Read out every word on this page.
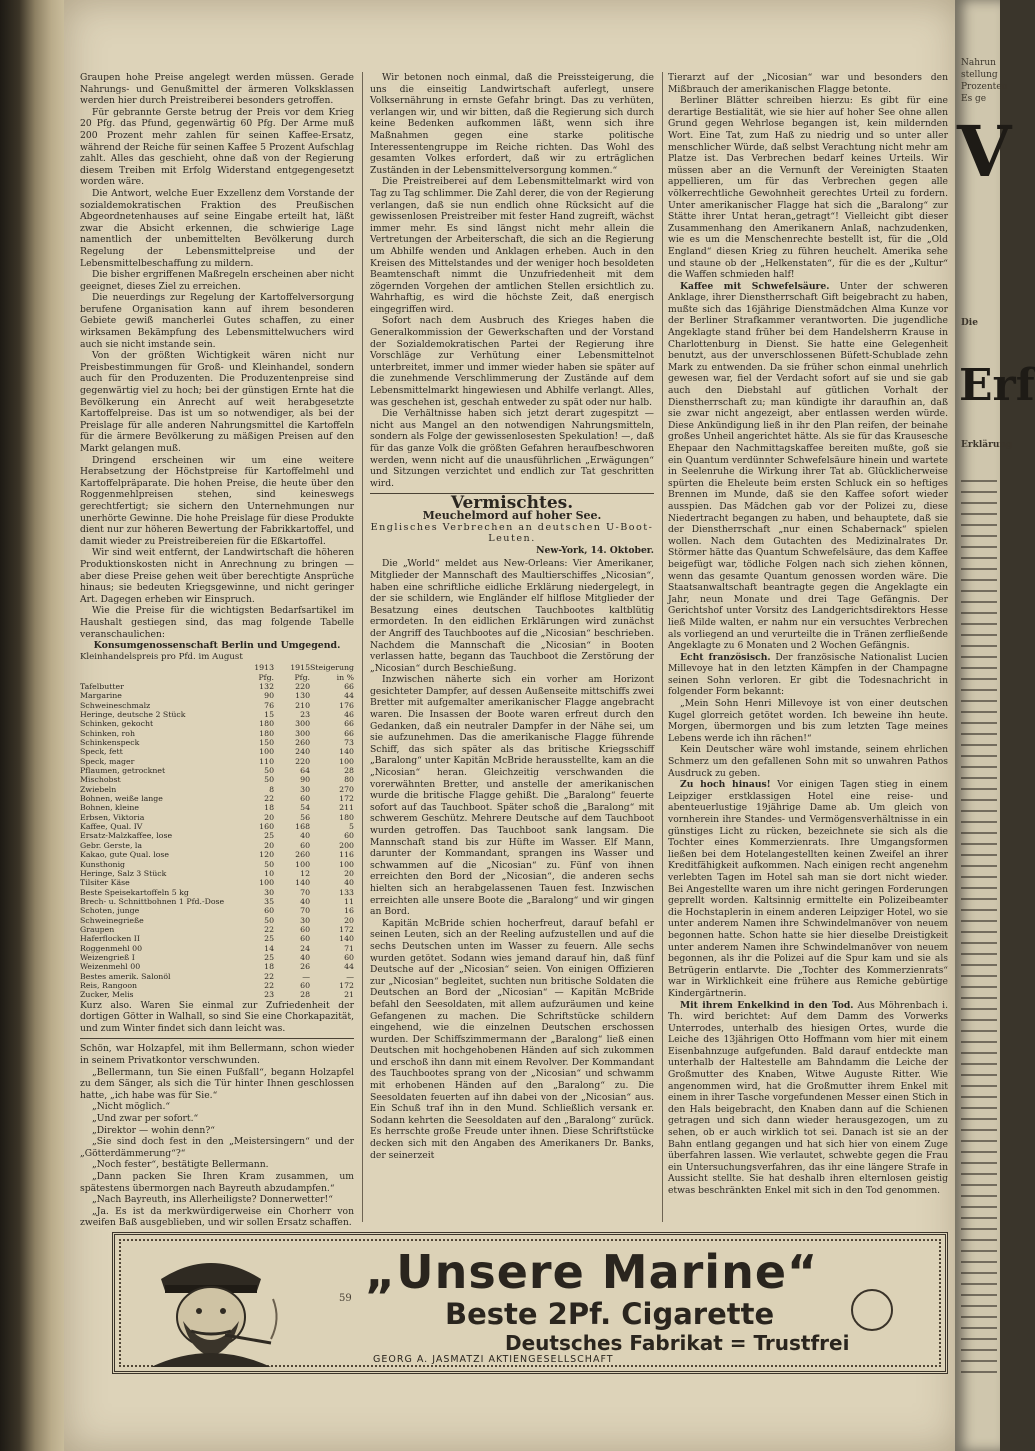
Graupen hohe Preise angelegt werden müssen. Gerade Nahrungs- und Genußmittel der ärmeren Volksklassen werden hier durch Preistreiberei besonders getroffen.

Für gebrannte Gerste betrug der Preis vor dem Krieg 20 Pfg. das Pfund, gegenwärtig 60 Pfg. Der Arme muß 200 Prozent mehr zahlen für seinen Kaffee-Ersatz, während der Reiche für seinen Kaffee 5 Prozent Aufschlag zahlt. Alles das geschieht, ohne daß von der Regierung diesem Treiben mit Erfolg Widerstand entgegengesetzt worden wäre.

Die Antwort, welche Euer Exzellenz dem Vorstande der sozialdemokratischen Fraktion des Preußischen Abgeordnetenhauses auf seine Eingabe erteilt hat, läßt zwar die Absicht erkennen, die schwierige Lage namentlich der unbemittelten Bevölkerung durch Regelung der Lebensmittelpreise und der Lebensmittelbeschaffung zu mildern.

Die bisher ergriffenen Maßregeln erscheinen aber nicht geeignet, dieses Ziel zu erreichen.

Die neuerdings zur Regelung der Kartoffelversorgung berufene Organisation kann auf ihrem besonderen Gebiete gewiß mancherlei Gutes schaffen, zu einer wirksamen Bekämpfung des Lebensmittelwuchers wird auch sie nicht imstande sein.

Von der größten Wichtigkeit wären nicht nur Preisbestimmungen für Groß- und Kleinhandel, sondern auch für den Produzenten. Die Produzentenpreise sind gegenwärtig viel zu hoch; bei der günstigen Ernte hat die Bevölkerung ein Anrecht auf weit herabgesetzte Kartoffelpreise. Das ist um so notwendiger, als bei der Preislage für alle anderen Nahrungsmittel die Kartoffeln für die ärmere Bevölkerung zu mäßigen Preisen auf den Markt gelangen muß.

Dringend erscheinen wir um eine weitere Herabsetzung der Höchstpreise für Kartoffelmehl und Kartoffelpräparate. Die hohen Preise, die heute über den Roggenmehlpreisen stehen, sind keineswegs gerechtfertigt; sie sichern den Unternehmungen nur unerhörte Gewinne. Die hohe Preislage für diese Produkte dient nur zur höheren Bewertung der Fabrikkartoffel, und damit wieder zu Preistreibereien für die Eßkartoffel.

Wir sind weit entfernt, der Landwirtschaft die höheren Produktionskosten nicht in Anrechnung zu bringen — aber diese Preise gehen weit über berechtigte Ansprüche hinaus; sie bedeuten Kriegsgewinne, und nicht geringer Art. Dagegen erheben wir Einspruch.

Wie die Preise für die wichtigsten Bedarfsartikel im Haushalt gestiegen sind, das mag folgende Tabelle veranschaulichen:

Konsumgenossenschaft Berlin und Umgegend.

Kleinhandelspreis pro Pfd. im August

	1913	1915	Steigerung
	Pfg.	Pfg.	in %
Tafelbutter	132	220	66
Margarine	90	130	44
Schweineschmalz	76	210	176
Heringe, deutsche 2 Stück	15	23	46
Schinken, gekocht	180	300	66
Schinken, roh	180	300	66
Schinkenspeck	150	260	73
Speck, fett	100	240	140
Speck, mager	110	220	100
Pflaumen, getrocknet	50	64	28
Mischobst	50	90	80
Zwiebeln	8	30	270
Bohnen, weiße lange	22	60	172
Bohnen, kleine	18	54	211
Erbsen, Viktoria	20	56	180
Kaffee, Qual. IV	160	168	5
Ersatz-Malzkaffee, lose	25	40	60
Gebr. Gerste, la	20	60	200
Kakao, gute Qual. lose	120	260	116
Kunsthonig	50	100	100
Heringe, Salz 3 Stück	10	12	20
Tilsiter Käse	100	140	40
Beste Speisekartoffeln 5 kg	30	70	133
Brech- u. Schnittbohnen 1 Pfd.-Dose	35	40	11
Schoten, junge	60	70	16
Schweinegrieße	50	30	20
Graupen	22	60	172
Haferflocken II	25	60	140
Roggenmehl 00	14	24	71
Weizengrieß I	25	40	60
Weizenmehl 00	18	26	44
Bestes amerik. Salonöl	22	—	—
Reis, Rangoon	22	60	172
Zucker, Melis	23	28	21

Kurz also. Waren Sie einmal zur Zufriedenheit der dortigen Götter in Walhall, so sind Sie eine Chorkapazität, und zum Winter findet sich dann leicht was.

Schön, war Holzapfel, mit ihm Bellermann, schon wieder in seinem Privatkontor verschwunden.

„Bellermann, tun Sie einen Fußfall“, begann Holzapfel zu dem Sänger, als sich die Tür hinter Ihnen geschlossen hatte, „ich habe was für Sie.“

„Nicht möglich.“

„Und zwar per sofort.“

„Direktor — wohin denn?“

„Sie sind doch fest in den „Meistersingern“ und der „Götterdämmerung“?“

„Noch fester“, bestätigte Bellermann.

„Dann packen Sie Ihren Kram zusammen, um spätestens übermorgen nach Bayreuth abzudampfen.“

„Nach Bayreuth, ins Allerheiligste? Donnerwetter!“

„Ja. Es ist da merkwürdigerweise ein Chorherr von zweifen Baß ausgeblieben, und wir sollen Ersatz schaffen.

Wir betonen noch einmal, daß die Preissteigerung, die uns die einseitig Landwirtschaft auferlegt, unsere Volksernährung in ernste Gefahr bringt. Das zu verhüten, verlangen wir, und wir bitten, daß die Regierung sich durch keine Bedenken aufkommen läßt, wenn sich ihre Maßnahmen gegen eine starke politische Interessentengruppe im Reiche richten. Das Wohl des gesamten Volkes erfordert, daß wir zu erträglichen Zuständen in der Lebensmittelversorgung kommen.“

Die Preistreiberei auf dem Lebensmittelmarkt wird von Tag zu Tag schlimmer. Die Zahl derer, die von der Regierung verlangen, daß sie nun endlich ohne Rücksicht auf die gewissenlosen Preistreiber mit fester Hand zugreift, wächst immer mehr. Es sind längst nicht mehr allein die Vertretungen der Arbeiterschaft, die sich an die Regierung um Abhilfe wenden und Anklagen erheben. Auch in den Kreisen des Mittelstandes und der weniger hoch besoldeten Beamtenschaft nimmt die Unzufriedenheit mit dem zögernden Vorgehen der amtlichen Stellen ersichtlich zu. Wahrhaftig, es wird die höchste Zeit, daß energisch eingegriffen wird.

Sofort nach dem Ausbruch des Krieges haben die Generalkommission der Gewerkschaften und der Vorstand der Sozialdemokratischen Partei der Regierung ihre Vorschläge zur Verhütung einer Lebensmittelnot unterbreitet, immer und immer wieder haben sie später auf die zunehmende Verschlimmerung der Zustände auf dem Lebensmittelmarkt hingewiesen und Abhilfe verlangt. Alles, was geschehen ist, geschah entweder zu spät oder nur halb.

Die Verhältnisse haben sich jetzt derart zugespitzt — nicht aus Mangel an den notwendigen Nahrungsmitteln, sondern als Folge der gewissenlosesten Spekulation! —, daß für das ganze Volk die größten Gefahren heraufbeschworen werden, wenn nicht auf die unausführlichen „Erwägungen“ und Sitzungen verzichtet und endlich zur Tat geschritten wird.

Vermischtes.

Meuchelmord auf hoher See.

Englisches Verbrechen an deutschen U-Boot-Leuten.

New-York, 14. Oktober.

Die „World“ meldet aus New-Orleans: Vier Amerikaner, Mitglieder der Mannschaft des Maultierschiffes „Nicosian“, haben eine schriftliche eidliche Erklärung niedergelegt, in der sie schildern, wie Engländer elf hilflose Mitglieder der Besatzung eines deutschen Tauchbootes kaltblütig ermordeten. In den eidlichen Erklärungen wird zunächst der Angriff des Tauchbootes auf die „Nicosian“ beschrieben. Nachdem die Mannschaft die „Nicosian“ in Booten verlassen hatte, begann das Tauchboot die Zerstörung der „Nicosian“ durch Beschießung.

Inzwischen näherte sich ein vorher am Horizont gesichteter Dampfer, auf dessen Außenseite mittschiffs zwei Bretter mit aufgemalter amerikanischer Flagge angebracht waren. Die Insassen der Boote waren erfreut durch den Gedanken, daß ein neutraler Dampfer in der Nähe sei, um sie aufzunehmen. Das die amerikanische Flagge führende Schiff, das sich später als das britische Kriegsschiff „Baralong“ unter Kapitän McBride herausstellte, kam an die „Nicosian“ heran. Gleichzeitig verschwanden die vorerwähnten Bretter, und anstelle der amerikanischen wurde die britische Flagge gehißt. Die „Baralong“ feuerte sofort auf das Tauchboot. Später schoß die „Baralong“ mit schwerem Geschütz. Mehrere Deutsche auf dem Tauchboot wurden getroffen. Das Tauchboot sank langsam. Die Mannschaft stand bis zur Hüfte im Wasser. Elf Mann, darunter der Kommandant, sprangen ins Wasser und schwammen auf die „Nicosian“ zu. Fünf von ihnen erreichten den Bord der „Nicosian“, die anderen sechs hielten sich an herabgelassenen Tauen fest. Inzwischen erreichten alle unsere Boote die „Baralong“ und wir gingen an Bord.

Kapitän McBride schien hocherfreut, darauf befahl er seinen Leuten, sich an der Reeling aufzustellen und auf die sechs Deutschen unten im Wasser zu feuern. Alle sechs wurden getötet. Sodann wies jemand darauf hin, daß fünf Deutsche auf der „Nicosian“ seien. Von einigen Offizieren zur „Nicosian“ begleitet, suchten nun britische Soldaten die Deutschen an Bord der „Nicosian“ — Kapitän McBride befahl den Seesoldaten, mit allem aufzuräumen und keine Gefangenen zu machen. Die Schriftstücke schildern eingehend, wie die einzelnen Deutschen erschossen wurden. Der Schiffszimmermann der „Baralong“ ließ einen Deutschen mit hochgehobenen Händen auf sich zukommen und erschoß ihn dann mit einem Revolver. Der Kommandant des Tauchbootes sprang von der „Nicosian“ und schwamm mit erhobenen Händen auf den „Baralong“ zu. Die Seesoldaten feuerten auf ihn dabei von der „Nicosian“ aus. Ein Schuß traf ihn in den Mund. Schließlich versank er. Sodann kehrten die Seesoldaten auf den „Baralong“ zurück. Es herrschte große Freude unter ihnen. Diese Schriftstücke decken sich mit den Angaben des Amerikaners Dr. Banks, der seinerzeit

Tierarzt auf der „Nicosian“ war und besonders den Mißbrauch der amerikanischen Flagge betonte.

Berliner Blätter schreiben hierzu: Es gibt für eine derartige Bestialität, wie sie hier auf hoher See ohne allen Grund gegen Wehrlose begangen ist, kein mildernden Wort. Eine Tat, zum Haß zu niedrig und so unter aller menschlicher Würde, daß selbst Verachtung nicht mehr am Platze ist. Das Verbrechen bedarf keines Urteils. Wir müssen aber an die Vernunft der Vereinigten Staaten appellieren, um für das Verbrechen gegen alle völkerrechtliche Gewohnheit gerechtes Urteil zu fordern. Unter amerikanischer Flagge hat sich die „Baralong“ zur Stätte ihrer Untat heran„getragt“! Vielleicht gibt dieser Zusammenhang den Amerikanern Anlaß, nachzudenken, wie es um die Menschenrechte bestellt ist, für die „Old England“ diesen Krieg zu führen heuchelt. Amerika sehe und staune ob der „Helkenstaten“, für die es der „Kultur“ die Waffen schmieden half!

Kaffee mit Schwefelsäure. Unter der schweren Anklage, ihrer Dienstherrschaft Gift beigebracht zu haben, mußte sich das 16jährige Dienstmädchen Alma Kunze vor der Berliner Strafkammer verantworten. Die jugendliche Angeklagte stand früher bei dem Handelsherrn Krause in Charlottenburg in Dienst. Sie hatte eine Gelegenheit benutzt, aus der unverschlossenen Büfett-Schublade zehn Mark zu entwenden. Da sie früher schon einmal unehrlich gewesen war, fiel der Verdacht sofort auf sie und sie gab auch den Diebstahl auf gütlichen Vorhalt der Dienstherrschaft zu; man kündigte ihr daraufhin an, daß sie zwar nicht angezeigt, aber entlassen werden würde. Diese Ankündigung ließ in ihr den Plan reifen, der beinahe großes Unheil angerichtet hätte. Als sie für das Krausesche Ehepaar den Nachmittagskaffee bereiten mußte, goß sie ein Quantum verdünnter Schwefelsäure hinein und wartete in Seelenruhe die Wirkung ihrer Tat ab. Glücklicherweise spürten die Eheleute beim ersten Schluck ein so heftiges Brennen im Munde, daß sie den Kaffee sofort wieder ausspien. Das Mädchen gab vor der Polizei zu, diese Niedertracht begangen zu haben, und behauptete, daß sie der Dienstherrschaft „nur einen Schabernack“ spielen wollen. Nach dem Gutachten des Medizinalrates Dr. Störmer hätte das Quantum Schwefelsäure, das dem Kaffee beigefügt war, tödliche Folgen nach sich ziehen können, wenn das gesamte Quantum genossen worden wäre. Die Staatsanwaltschaft beantragte gegen die Angeklagte ein Jahr, neun Monate und drei Tage Gefängnis. Der Gerichtshof unter Vorsitz des Landgerichtsdirektors Hesse ließ Milde walten, er nahm nur ein versuchtes Verbrechen als vorliegend an und verurteilte die in Tränen zerfließende Angeklagte zu 6 Monaten und 2 Wochen Gefängnis.

Echt französisch. Der französische Nationalist Lucien Millevoye hat in den letzten Kämpfen in der Champagne seinen Sohn verloren. Er gibt die Todesnachricht in folgender Form bekannt:

„Mein Sohn Henri Millevoye ist von einer deutschen Kugel glorreich getötet worden. Ich beweine ihn heute. Morgen, übermorgen und bis zum letzten Tage meines Lebens werde ich ihn rächen!“

Kein Deutscher wäre wohl imstande, seinem ehrlichen Schmerz um den gefallenen Sohn mit so unwahren Pathos Ausdruck zu geben.

Zu hoch hinaus! Vor einigen Tagen stieg in einem Leipziger erstklassigen Hotel eine reise- und abenteuerlustige 19jährige Dame ab. Um gleich von vornherein ihre Standes- und Vermögensverhältnisse in ein günstiges Licht zu rücken, bezeichnete sie sich als die Tochter eines Kommerzienrats. Ihre Umgangsformen ließen bei dem Hotelangestellten keinen Zweifel an ihrer Kreditfähigkeit aufkommen. Nach einigen recht angenehm verlebten Tagen im Hotel sah man sie dort nicht wieder. Bei Angestellte waren um ihre nicht geringen Forderungen geprellt worden. Kaltsinnig ermittelte ein Polizeibeamter die Hochstaplerin in einem anderen Leipziger Hotel, wo sie unter anderem Namen ihre Schwindelmanöver von neuem begonnen hatte. Schon hatte sie hier dieselbe Dreistigkeit unter anderem Namen ihre Schwindelmanöver von neuem begonnen, als ihr die Polizei auf die Spur kam und sie als Betrügerin entlarvte. Die „Tochter des Kommerzienrats“ war in Wirklichkeit eine frühere aus Remiche gebürtige Kindergärtnerin.

Mit ihrem Enkelkind in den Tod. Aus Möhrenbach i. Th. wird berichtet: Auf dem Damm des Vorwerks Unterrodes, unterhalb des hiesigen Ortes, wurde die Leiche des 13jährigen Otto Hoffmann vom hier mit einem Eisenbahnzuge aufgefunden. Bald darauf entdeckte man unterhalb der Haltestelle am Bahndamm die Leiche der Großmutter des Knaben, Witwe Auguste Ritter. Wie angenommen wird, hat die Großmutter ihrem Enkel mit einem in ihrer Tasche vorgefundenen Messer einen Stich in den Hals beigebracht, den Knaben dann auf die Schienen getragen und sich dann wieder herausgezogen, um zu sehen, ob er auch wirklich tot sei. Danach ist sie an der Bahn entlang gegangen und hat sich hier von einem Zuge überfahren lassen. Wie verlautet, schwebte gegen die Frau ein Untersuchungsverfahren, das ihr eine längere Strafe in Aussicht stellte. Sie hat deshalb ihren elternlosen geistig etwas beschränkten Enkel mit sich in den Tod genommen.

59 „Unsere Marine“
Beste 2Pf. Cigarette
Deutsches Fabrikat = Trustfrei
GEORG A. JASMATZI AKTIENGESELLSCHAFT
Nahrun
stellung
Prozenten
Es ge
V
Die
Erf
Erklärung
